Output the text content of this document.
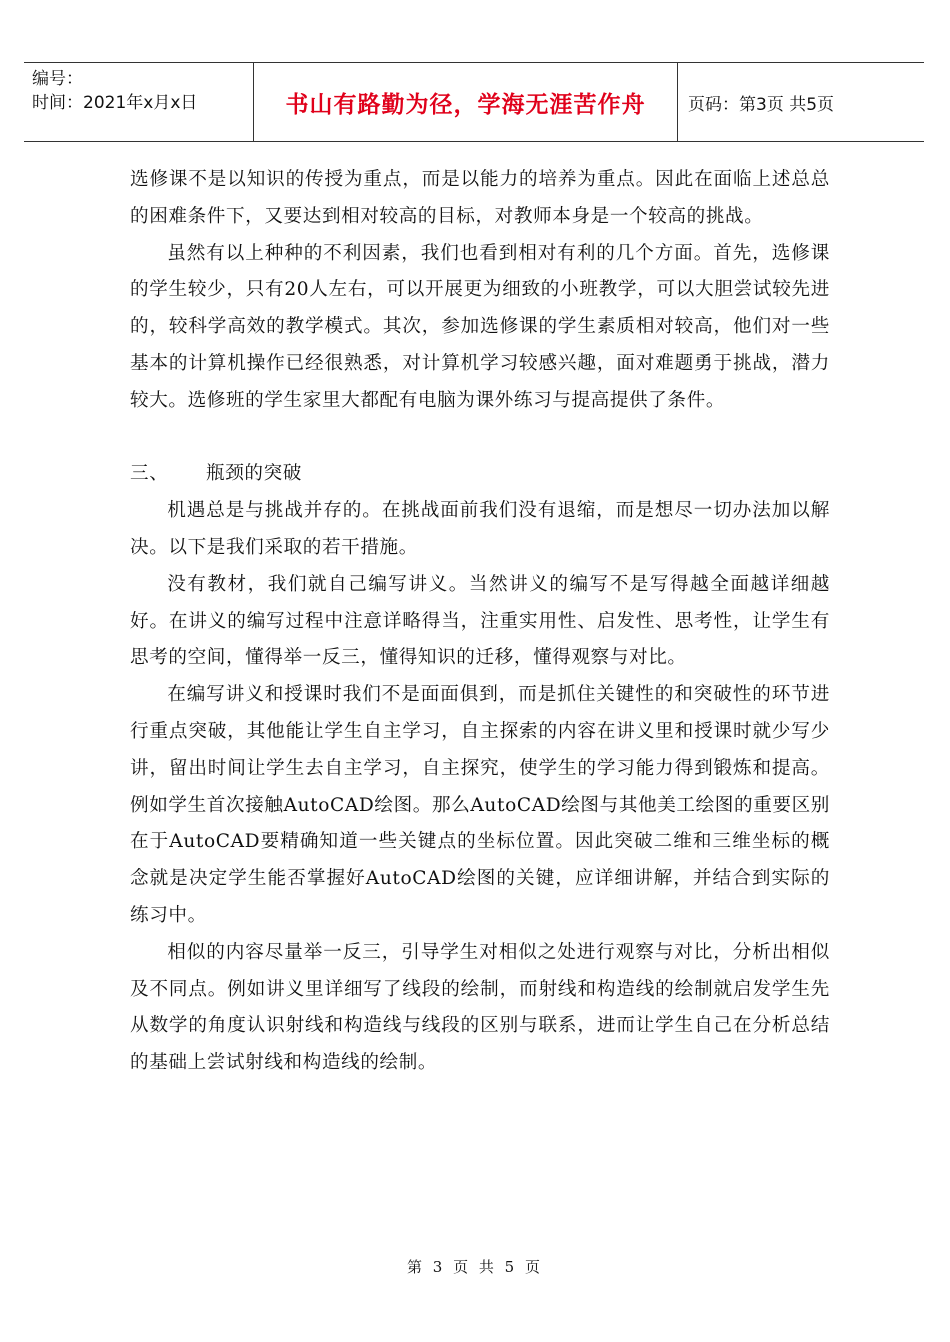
编号：
时间：2021年x月x日	书山有路勤为径，学海无涯苦作舟	页码：第3页 共5页

选修课不是以知识的传授为重点，而是以能力的培养为重点。因此在面临上述总总的困难条件下，又要达到相对较高的目标，对教师本身是一个较高的挑战。

虽然有以上种种的不利因素，我们也看到相对有利的几个方面。首先，选修课的学生较少，只有20人左右，可以开展更为细致的小班教学，可以大胆尝试较先进的，较科学高效的教学模式。其次，参加选修课的学生素质相对较高，他们对一些基本的计算机操作已经很熟悉，对计算机学习较感兴趣，面对难题勇于挑战，潜力较大。选修班的学生家里大都配有电脑为课外练习与提高提供了条件。

三、	瓶颈的突破

机遇总是与挑战并存的。在挑战面前我们没有退缩，而是想尽一切办法加以解决。以下是我们采取的若干措施。

没有教材，我们就自己编写讲义。当然讲义的编写不是写得越全面越详细越好。在讲义的编写过程中注意详略得当，注重实用性、启发性、思考性，让学生有思考的空间，懂得举一反三，懂得知识的迁移，懂得观察与对比。

在编写讲义和授课时我们不是面面俱到，而是抓住关键性的和突破性的环节进行重点突破，其他能让学生自主学习，自主探索的内容在讲义里和授课时就少写少讲，留出时间让学生去自主学习，自主探究，使学生的学习能力得到锻炼和提高。例如学生首次接触AutoCAD绘图。那么AutoCAD绘图与其他美工绘图的重要区别在于AutoCAD要精确知道一些关键点的坐标位置。因此突破二维和三维坐标的概念就是决定学生能否掌握好AutoCAD绘图的关键，应详细讲解，并结合到实际的练习中。

相似的内容尽量举一反三，引导学生对相似之处进行观察与对比，分析出相似及不同点。例如讲义里详细写了线段的绘制，而射线和构造线的绘制就启发学生先从数学的角度认识射线和构造线与线段的区别与联系，进而让学生自己在分析总结的基础上尝试射线和构造线的绘制。

第 3 页 共 5 页
